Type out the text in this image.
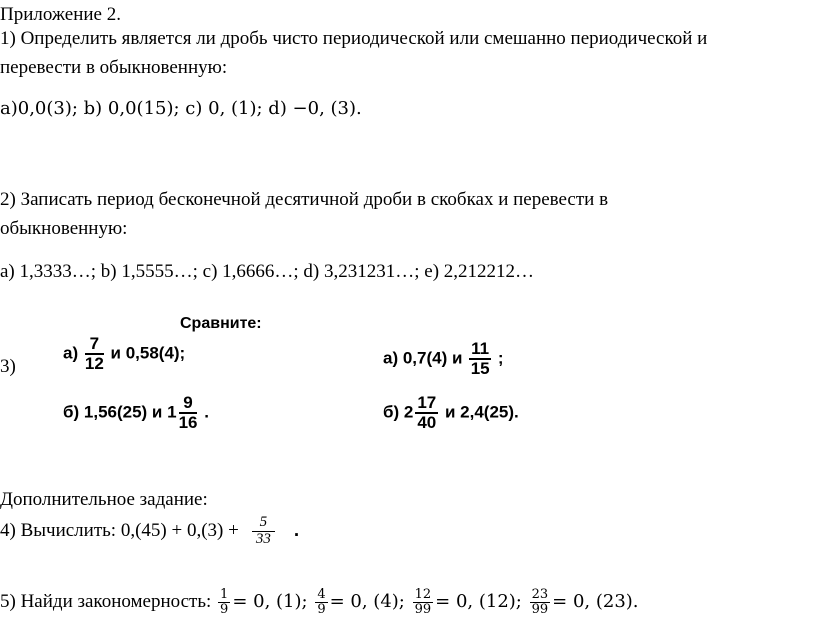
Приложение 2.
1) Определить является ли дробь чисто периодической или смешанно периодической и
перевести в обыкновенную:
a)0,0(3); b) 0,0(15); c) 0, (1); d) −0, (3).
2) Записать период бесконечной десятичной дроби в скобках и перевести в
обыкновенную:
a) 1,3333…; b) 1,5555…; c) 1,6666…; d) 3,231231…; e) 2,212212…
3)
Сравните:
$а) \frac{7}{12}$ и 0,58(4);
б) 1,56(25) и $1 \frac{9}{16}$ .
а) 0,7(4) и $\frac{11}{15}$ ;
б) $2 \frac{17}{40}$ и 2,4(25).
Дополнительное задание:
4) Вычислить: $0,(45) + 0,(3) + \frac{5}{33}$ .
5) Найди закономерность: $\frac{1}{9} = 0$, (1); $\frac{4}{9} = 0$, (4); $\frac{12}{99} = 0$, (12); $\frac{23}{99} = 0$, (23).
